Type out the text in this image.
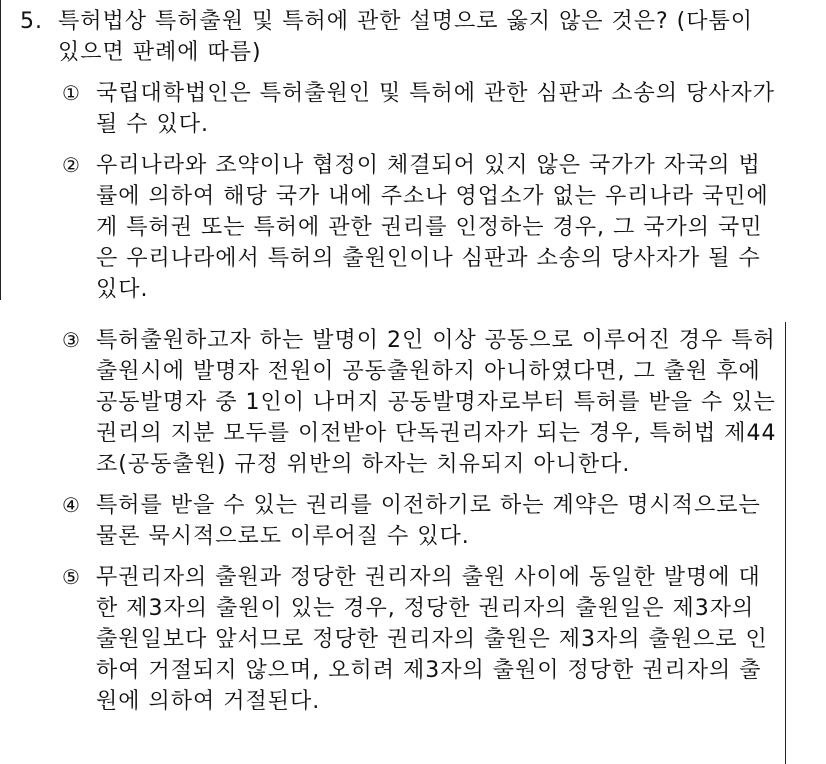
5. 특허법상 특허출원 및 특허에 관한 설명으로 옳지 않은 것은? (다툼이 있으면 판례에 따름)
① 국립대학법인은 특허출원인 및 특허에 관한 심판과 소송의 당사자가 될 수 있다.
② 우리나라와 조약이나 협정이 체결되어 있지 않은 국가가 자국의 법률에 의하여 해당 국가 내에 주소나 영업소가 없는 우리나라 국민에게 특허권 또는 특허에 관한 권리를 인정하는 경우, 그 국가의 국민은 우리나라에서 특허의 출원인이나 심판과 소송의 당사자가 될 수 있다.
③ 특허출원하고자 하는 발명이 2인 이상 공동으로 이루어진 경우 특허출원시에 발명자 전원이 공동출원하지 아니하였다면, 그 출원 후에 공동발명자 중 1인이 나머지 공동발명자로부터 특허를 받을 수 있는 권리의 지분 모두를 이전받아 단독권리자가 되는 경우, 특허법 제44조(공동출원) 규정 위반의 하자는 치유되지 아니한다.
④ 특허를 받을 수 있는 권리를 이전하기로 하는 계약은 명시적으로는 물론 묵시적으로도 이루어질 수 있다.
⑤ 무권리자의 출원과 정당한 권리자의 출원 사이에 동일한 발명에 대한 제3자의 출원이 있는 경우, 정당한 권리자의 출원일은 제3자의 출원일보다 앞서므로 정당한 권리자의 출원은 제3자의 출원으로 인하여 거절되지 않으며, 오히려 제3자의 출원이 정당한 권리자의 출원에 의하여 거절된다.
